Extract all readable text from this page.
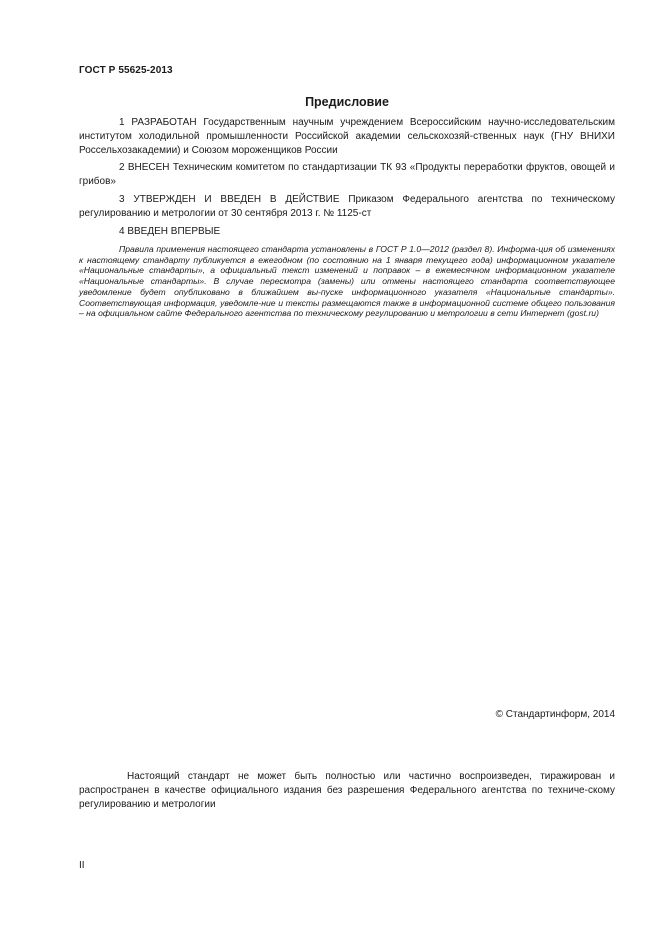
ГОСТ Р 55625-2013
Предисловие

1 РАЗРАБОТАН Государственным научным учреждением Всероссийским научно-исследовательским институтом холодильной промышленности Российской академии сельскохозяй-ственных наук (ГНУ ВНИХИ Россельхозакадемии) и Союзом мороженщиков России

2 ВНЕСЕН Техническим комитетом по стандартизации ТК 93 «Продукты переработки фруктов, овощей и грибов»

3 УТВЕРЖДЕН И ВВЕДЕН В ДЕЙСТВИЕ Приказом Федерального агентства по техническому регулированию и метрологии от 30 сентября 2013 г. № 1125-ст

4 ВВЕДЕН ВПЕРВЫЕ

Правила применения настоящего стандарта установлены в ГОСТ Р 1.0—2012 (раздел 8). Информа-ция об изменениях к настоящему стандарту публикуется в ежегодном (по состоянию на 1 января текущего года) информационном указателе «Национальные стандарты», а официальный текст изменений и поправок – в ежемесячном информационном указателе «Национальные стандарты». В случае пересмотра (замены) или отмены настоящего стандарта соответствующее уведомление будет опубликовано в ближайшем вы-пуске информационного указателя «Национальные стандарты». Соответствующая информация, уведомле-ние и тексты размещаются также в информационной системе общего пользования – на официальном сайте Федерального агентства по техническому регулированию и метрологии в сети Интернет (gost.ru)

© Стандартинформ, 2014

Настоящий стандарт не может быть полностью или частично воспроизведен, тиражирован и распространен в качестве официального издания без разрешения Федерального агентства по техниче-скому регулированию и метрологии

II
